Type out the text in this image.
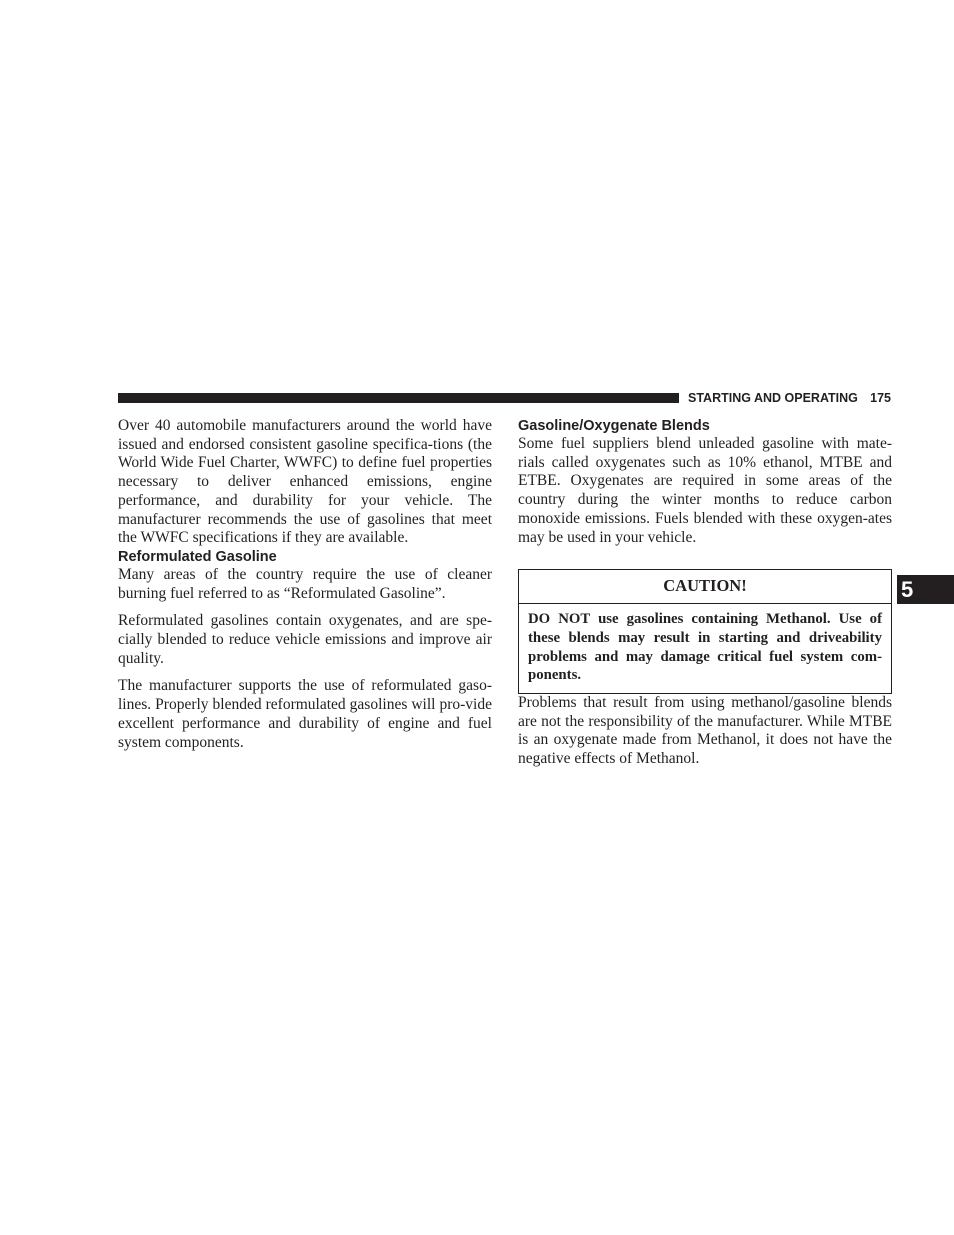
STARTING AND OPERATING 175

Over 40 automobile manufacturers around the world have issued and endorsed consistent gasoline specifica-tions (the World Wide Fuel Charter, WWFC) to define fuel properties necessary to deliver enhanced emissions, engine performance, and durability for your vehicle. The manufacturer recommends the use of gasolines that meet the WWFC specifications if they are available.

Reformulated Gasoline

Many areas of the country require the use of cleaner burning fuel referred to as “Reformulated Gasoline”.

Reformulated gasolines contain oxygenates, and are spe-cially blended to reduce vehicle emissions and improve air quality.

The manufacturer supports the use of reformulated gaso-lines. Properly blended reformulated gasolines will pro-vide excellent performance and durability of engine and fuel system components.

Gasoline/Oxygenate Blends

Some fuel suppliers blend unleaded gasoline with mate-rials called oxygenates such as 10% ethanol, MTBE and ETBE. Oxygenates are required in some areas of the country during the winter months to reduce carbon monoxide emissions. Fuels blended with these oxygen-ates may be used in your vehicle.

CAUTION!
DO NOT use gasolines containing Methanol. Use of these blends may result in starting and driveability problems and may damage critical fuel system com-ponents.

Problems that result from using methanol/gasoline blends are not the responsibility of the manufacturer. While MTBE is an oxygenate made from Methanol, it does not have the negative effects of Methanol.

5
